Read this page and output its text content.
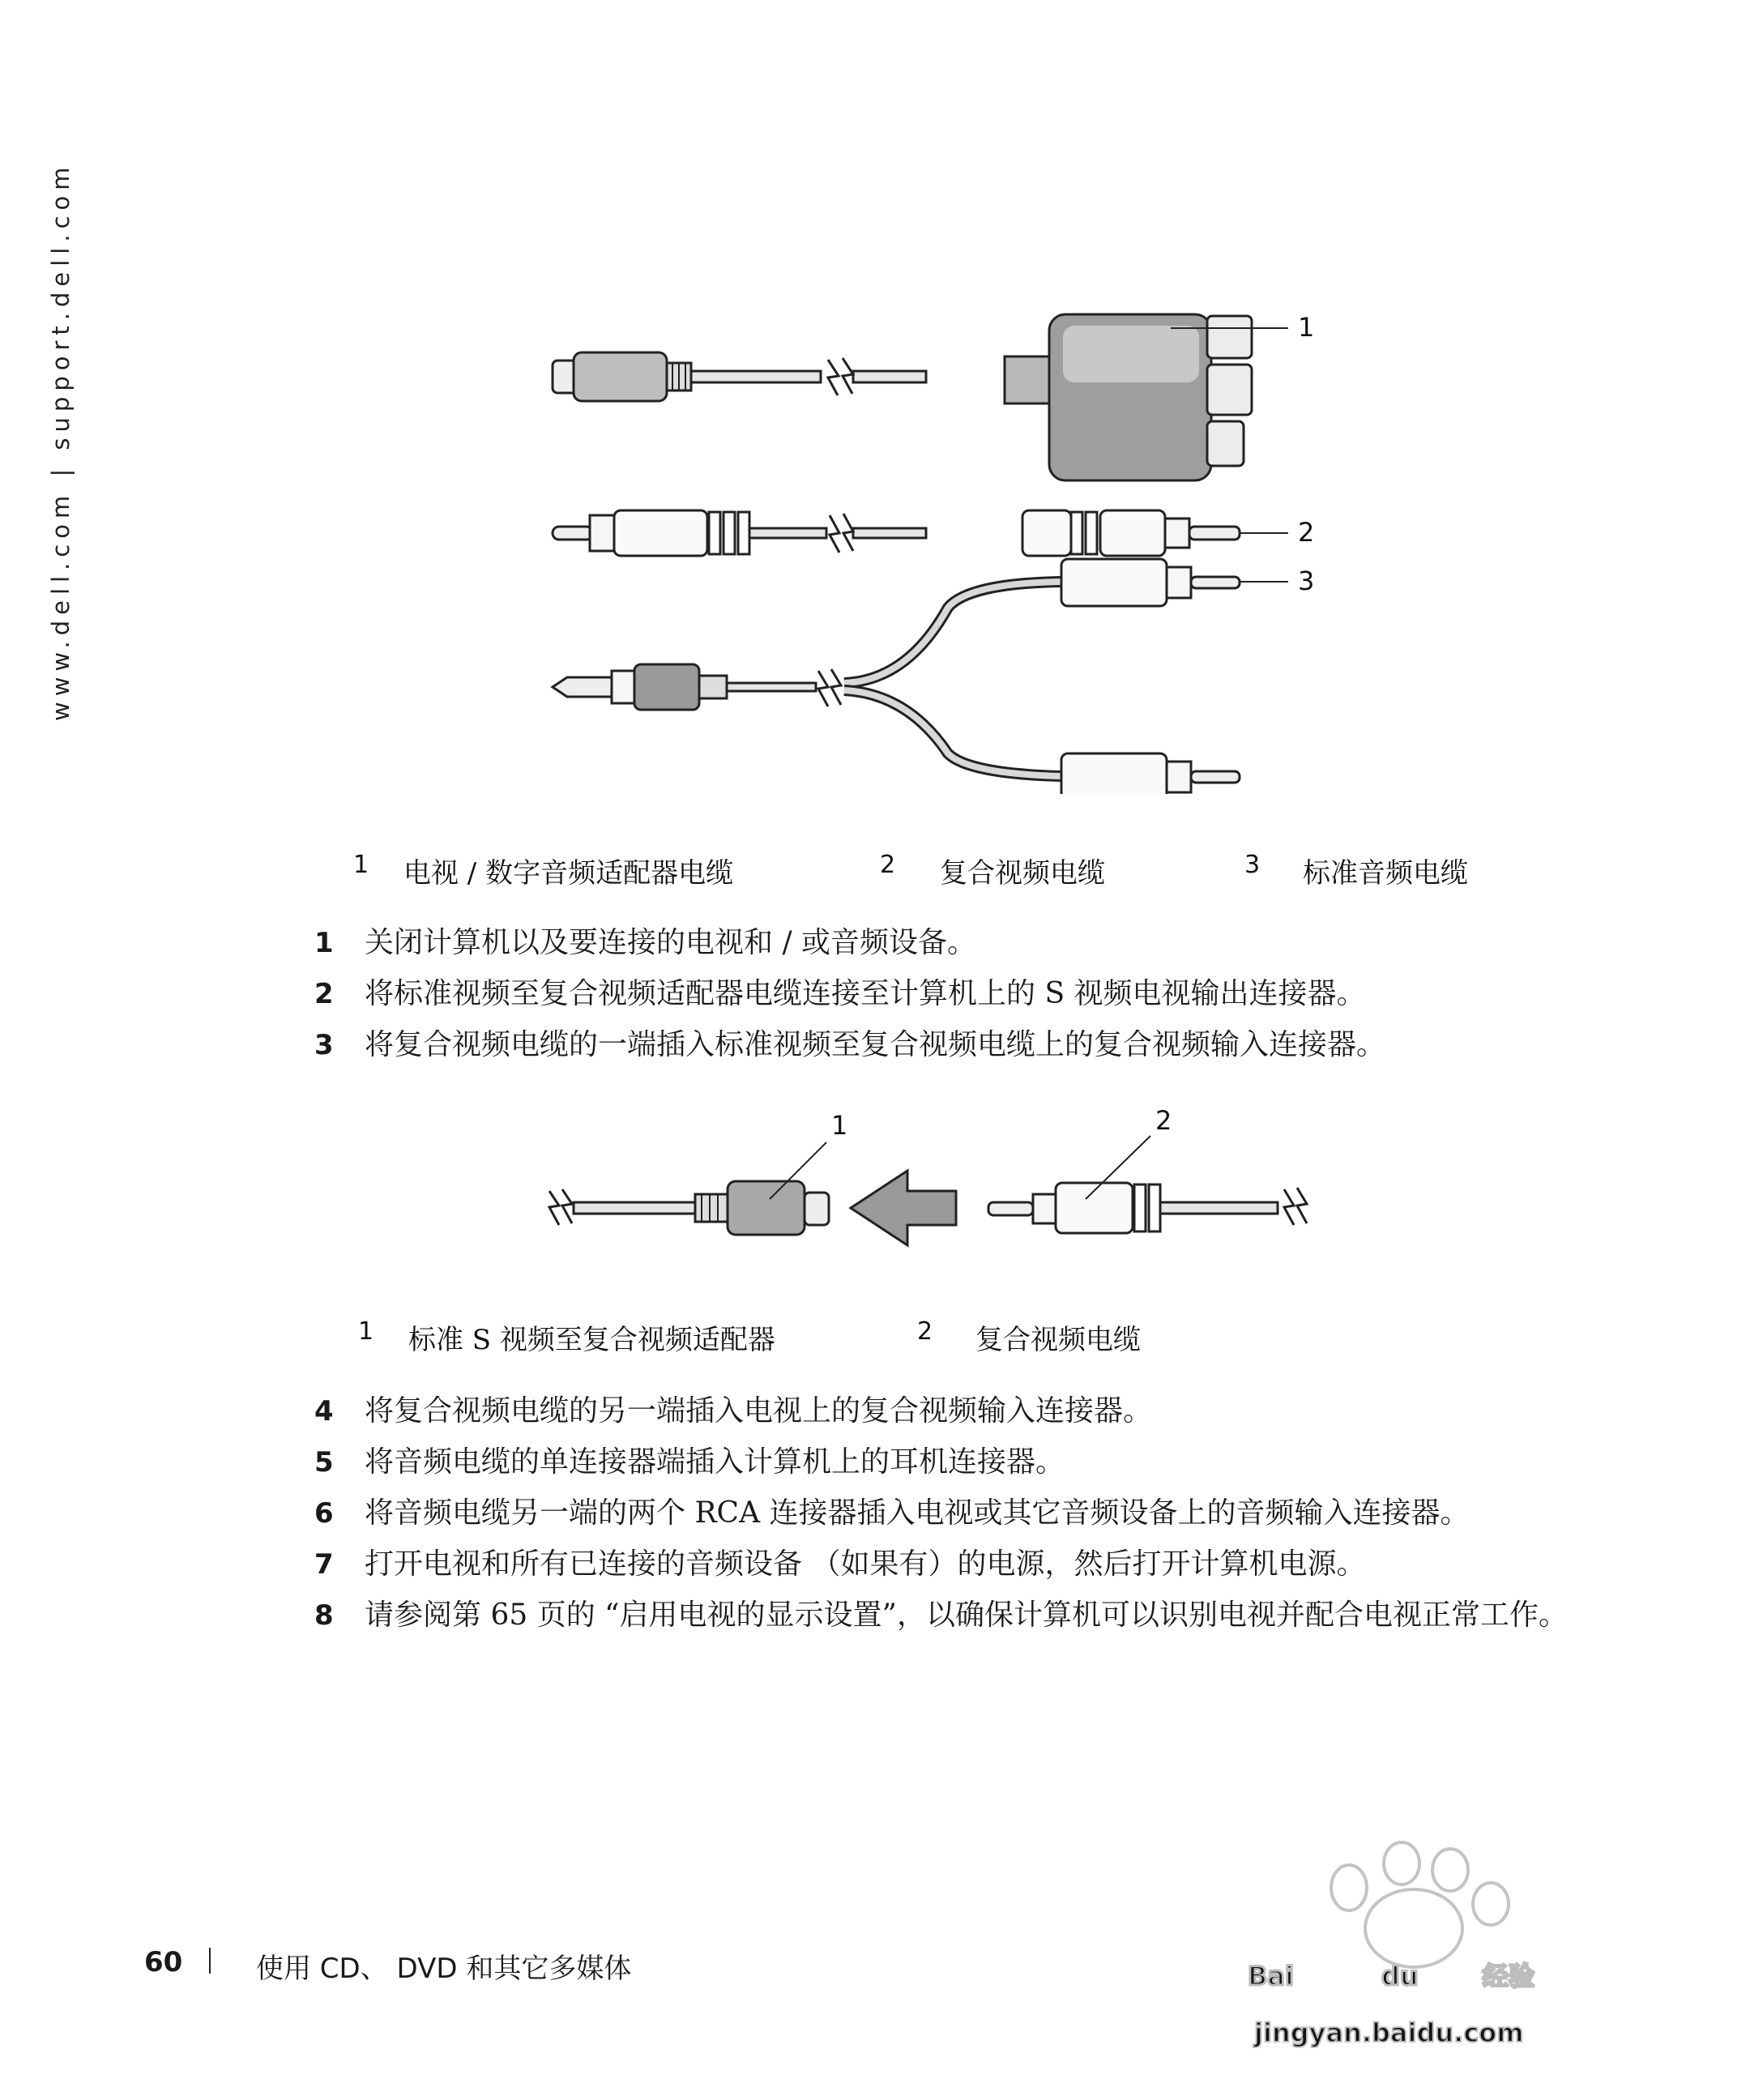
www.dell.com | support.dell.com	1
2
3
1 电视 / 数字音频适配器电缆	2 复合视频电缆	3 标准音频电缆
1 关闭计算机以及要连接的电视和 / 或音频设备。
2 将标准视频至复合视频适配器电缆连接至计算机上的 S 视频电视输出连接器。
3 将复合视频电缆的一端插入标准视频至复合视频电缆上的复合视频输入连接器。
1	2
1 标准 S 视频至复合视频适配器	2 复合视频电缆
4 将复合视频电缆的另一端插入电视上的复合视频输入连接器。
5 将音频电缆的单连接器端插入计算机上的耳机连接器。
6 将音频电缆另一端的两个 RCA 连接器插入电视或其它音频设备上的音频输入连接器。
7 打开电视和所有已连接的音频设备 （如果有）的电源，然后打开计算机电源。
8 请参阅第 65 页的 “启用电视的显示设置”，以确保计算机可以识别电视并配合电视正常工作。
60	使用 CD、 DVD 和其它多媒体	Bai	du 经验
jingyan.baidu.com
